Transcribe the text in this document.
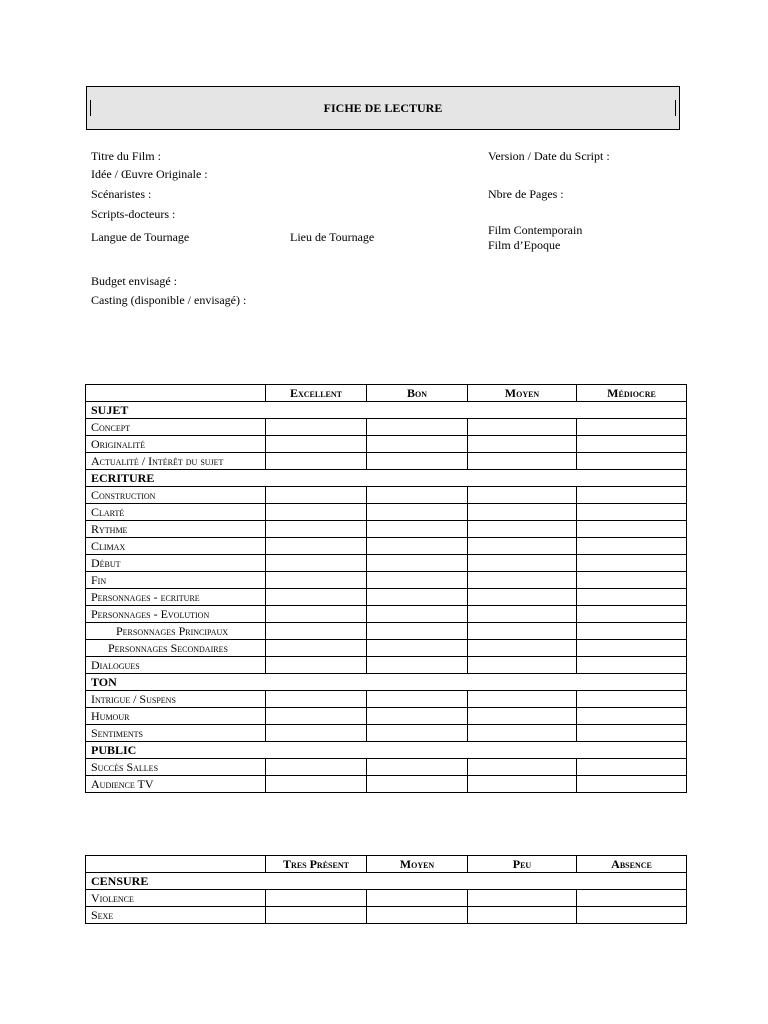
FICHE DE LECTURE
Titre du Film :
Idée / Œuvre Originale :
Scénaristes :
Scripts-docteurs :
Langue de Tournage	Lieu de Tournage
Version / Date du Script :
Nbre de Pages :
Film Contemporain
Film d’Epoque
Budget envisagé :
Casting (disponible / envisagé) :
	Excellent	Bon	Moyen	Médiocre
SUJET				
Concept				
Originalité				
Actualité / Intérêt du sujet				
ECRITURE				
Construction				
Clarté				
Rythme				
Climax				
Début				
Fin				
Personnages - ecriture				
Personnages - Evolution				
Personnages Principaux				
Personnages Secondaires				
Dialogues				
TON				
Intrigue / Suspens				
Humour				
Sentiments				
PUBLIC				
Succès Salles				
Audience TV				
	Tres Présent	Moyen	Peu	Absence
CENSURE				
Violence				
Sexe				
